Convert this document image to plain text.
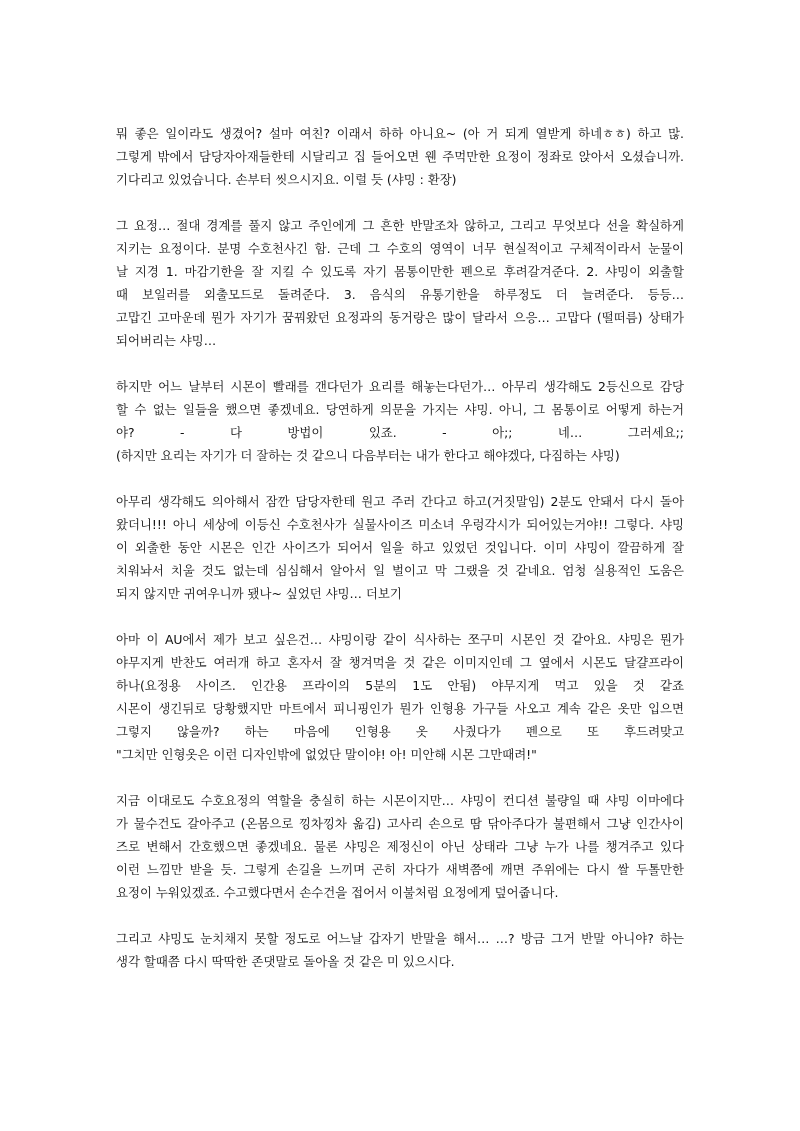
뭐 좋은 일이라도 생겼어? 설마 여친? 이래서 하하 아니요~ (아 거 되게 열받게 하네ㅎㅎ) 하고 많.
그렇게 밖에서 담당자아재들한테 시달리고 집 들어오면 웬 주먹만한 요정이 정좌로 앉아서 오셨습니까.
기다리고 있었습니다. 손부터 씻으시지요. 이럴 듯 (샤밍 : 환장)
그 요정… 절대 경계를 풀지 않고 주인에게 그 흔한 반말조차 않하고, 그리고 무엇보다 선을 확실하게
지키는 요정이다. 분명 수호천사긴 함. 근데 그 수호의 영역이 너무 현실적이고 구체적이라서 눈물이
날 지경 1. 마감기한을 잘 지킬 수 있도록 자기 몸통이만한 펜으로 후려갈겨준다. 2. 샤밍이 외출할
때 보일러를 외출모드로 돌려준다. 3. 음식의 유통기한을 하루정도 더 늘려준다. 등등…
고맙긴 고마운데 뭔가 자기가 꿈꿔왔던 요정과의 동거랑은 많이 달라서 으응… 고맙다 (떨떠름) 상태가
되어버리는 샤밍…
하지만 어느 날부터 시몬이 빨래를 갠다던가 요리를 해놓는다던가… 아무리 생각해도 2등신으로 감당
할 수 없는 일들을 했으면 좋겠네요. 당연하게 의문을 가지는 샤밍. 아니, 그 몸통이로 어떻게 하는거
야? - 다 방법이 있죠. - 아;; 네… 그러세요;;
(하지만 요리는 자기가 더 잘하는 것 같으니 다음부터는 내가 한다고 해야겠다, 다짐하는 샤밍)
아무리 생각해도 의아해서 잠깐 담당자한테 원고 주러 간다고 하고(거짓말임) 2분도 안돼서 다시 돌아
왔더니!!! 아니 세상에 이등신 수호천사가 실물사이즈 미소녀 우렁각시가 되어있는거야!! 그렇다. 샤밍
이 외출한 동안 시몬은 인간 사이즈가 되어서 일을 하고 있었던 것입니다. 이미 샤밍이 깔끔하게 잘
치워놔서 치울 것도 없는데 심심해서 알아서 일 벌이고 막 그랬을 것 같네요. 엄청 실용적인 도움은
되지 않지만 귀여우니까 됐나~ 싶었던 샤밍… 더보기
아마 이 AU에서 제가 보고 싶은건… 샤밍이랑 같이 식사하는 쪼구미 시몬인 것 같아요. 샤밍은 뭔가
야무지게 반찬도 여러개 하고 혼자서 잘 챙겨먹을 것 같은 이미지인데 그 옆에서 시몬도 달걀프라이
하나(요정용 사이즈. 인간용 프라이의 5분의 1도 안됨) 야무지게 먹고 있을 것 같죠
시몬이 생긴뒤로 당황했지만 마트에서 피니핑인가 뭔가 인형용 가구들 사오고 계속 같은 옷만 입으면
그렇지 않을까? 하는 마음에 인형용 옷 사줬다가 펜으로 또 후드려맞고
"그치만 인형옷은 이런 디자인밖에 없었단 말이야! 아! 미안해 시몬 그만때려!"
지금 이대로도 수호요정의 역할을 충실히 하는 시몬이지만… 샤밍이 컨디션 불량일 때 샤밍 이마에다
가 물수건도 갈아주고 (온몸으로 낑차낑차 옮김) 고사리 손으로 땀 닦아주다가 불편해서 그냥 인간사이
즈로 변해서 간호했으면 좋겠네요. 물론 샤밍은 제정신이 아닌 상태라 그냥 누가 나를 챙겨주고 있다
이런 느낌만 받을 듯. 그렇게 손길을 느끼며 곤히 자다가 새벽쯤에 깨면 주위에는 다시 쌀 두톨만한
요정이 누워있겠죠. 수고했다면서 손수건을 접어서 이불처럼 요정에게 덮어줍니다.
그리고 샤밍도 눈치채지 못할 정도로 어느날 갑자기 반말을 해서… …? 방금 그거 반말 아니야? 하는
생각 할때쯤 다시 딱딱한 존댓말로 돌아올 것 같은 미 있으시다.
